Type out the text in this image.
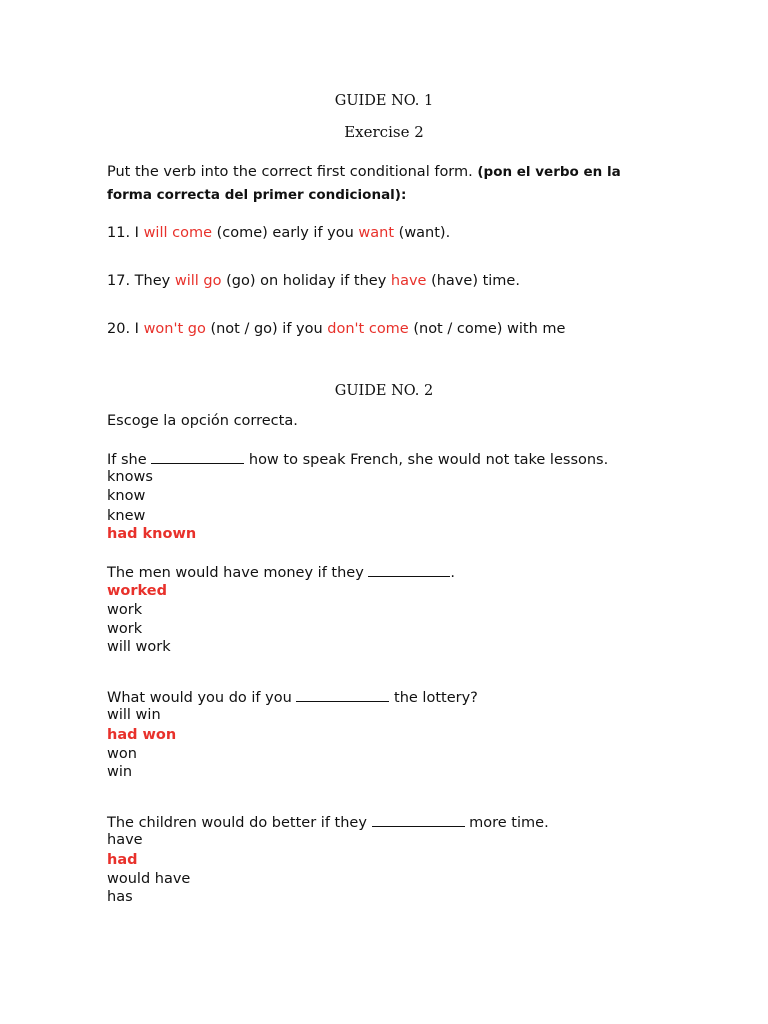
GUIDE NO. 1
Exercise 2
Put the verb into the correct first conditional form. (pon el verbo en la
forma correcta del primer condicional):
11. I will come (come) early if you want (want).
17. They will go (go) on holiday if they have (have) time.
20. I won't go (not / go) if you don't come (not / come) with me
GUIDE NO. 2
Escoge la opción correcta.
If she	how to speak French, she would not take lessons.
knows
know
knew
had known
The men would have money if they	.
worked
work
work
will work
What would you do if you	the lottery?
will win
had won
won
win
The children would do better if they	more time.
have
had
would have
has
